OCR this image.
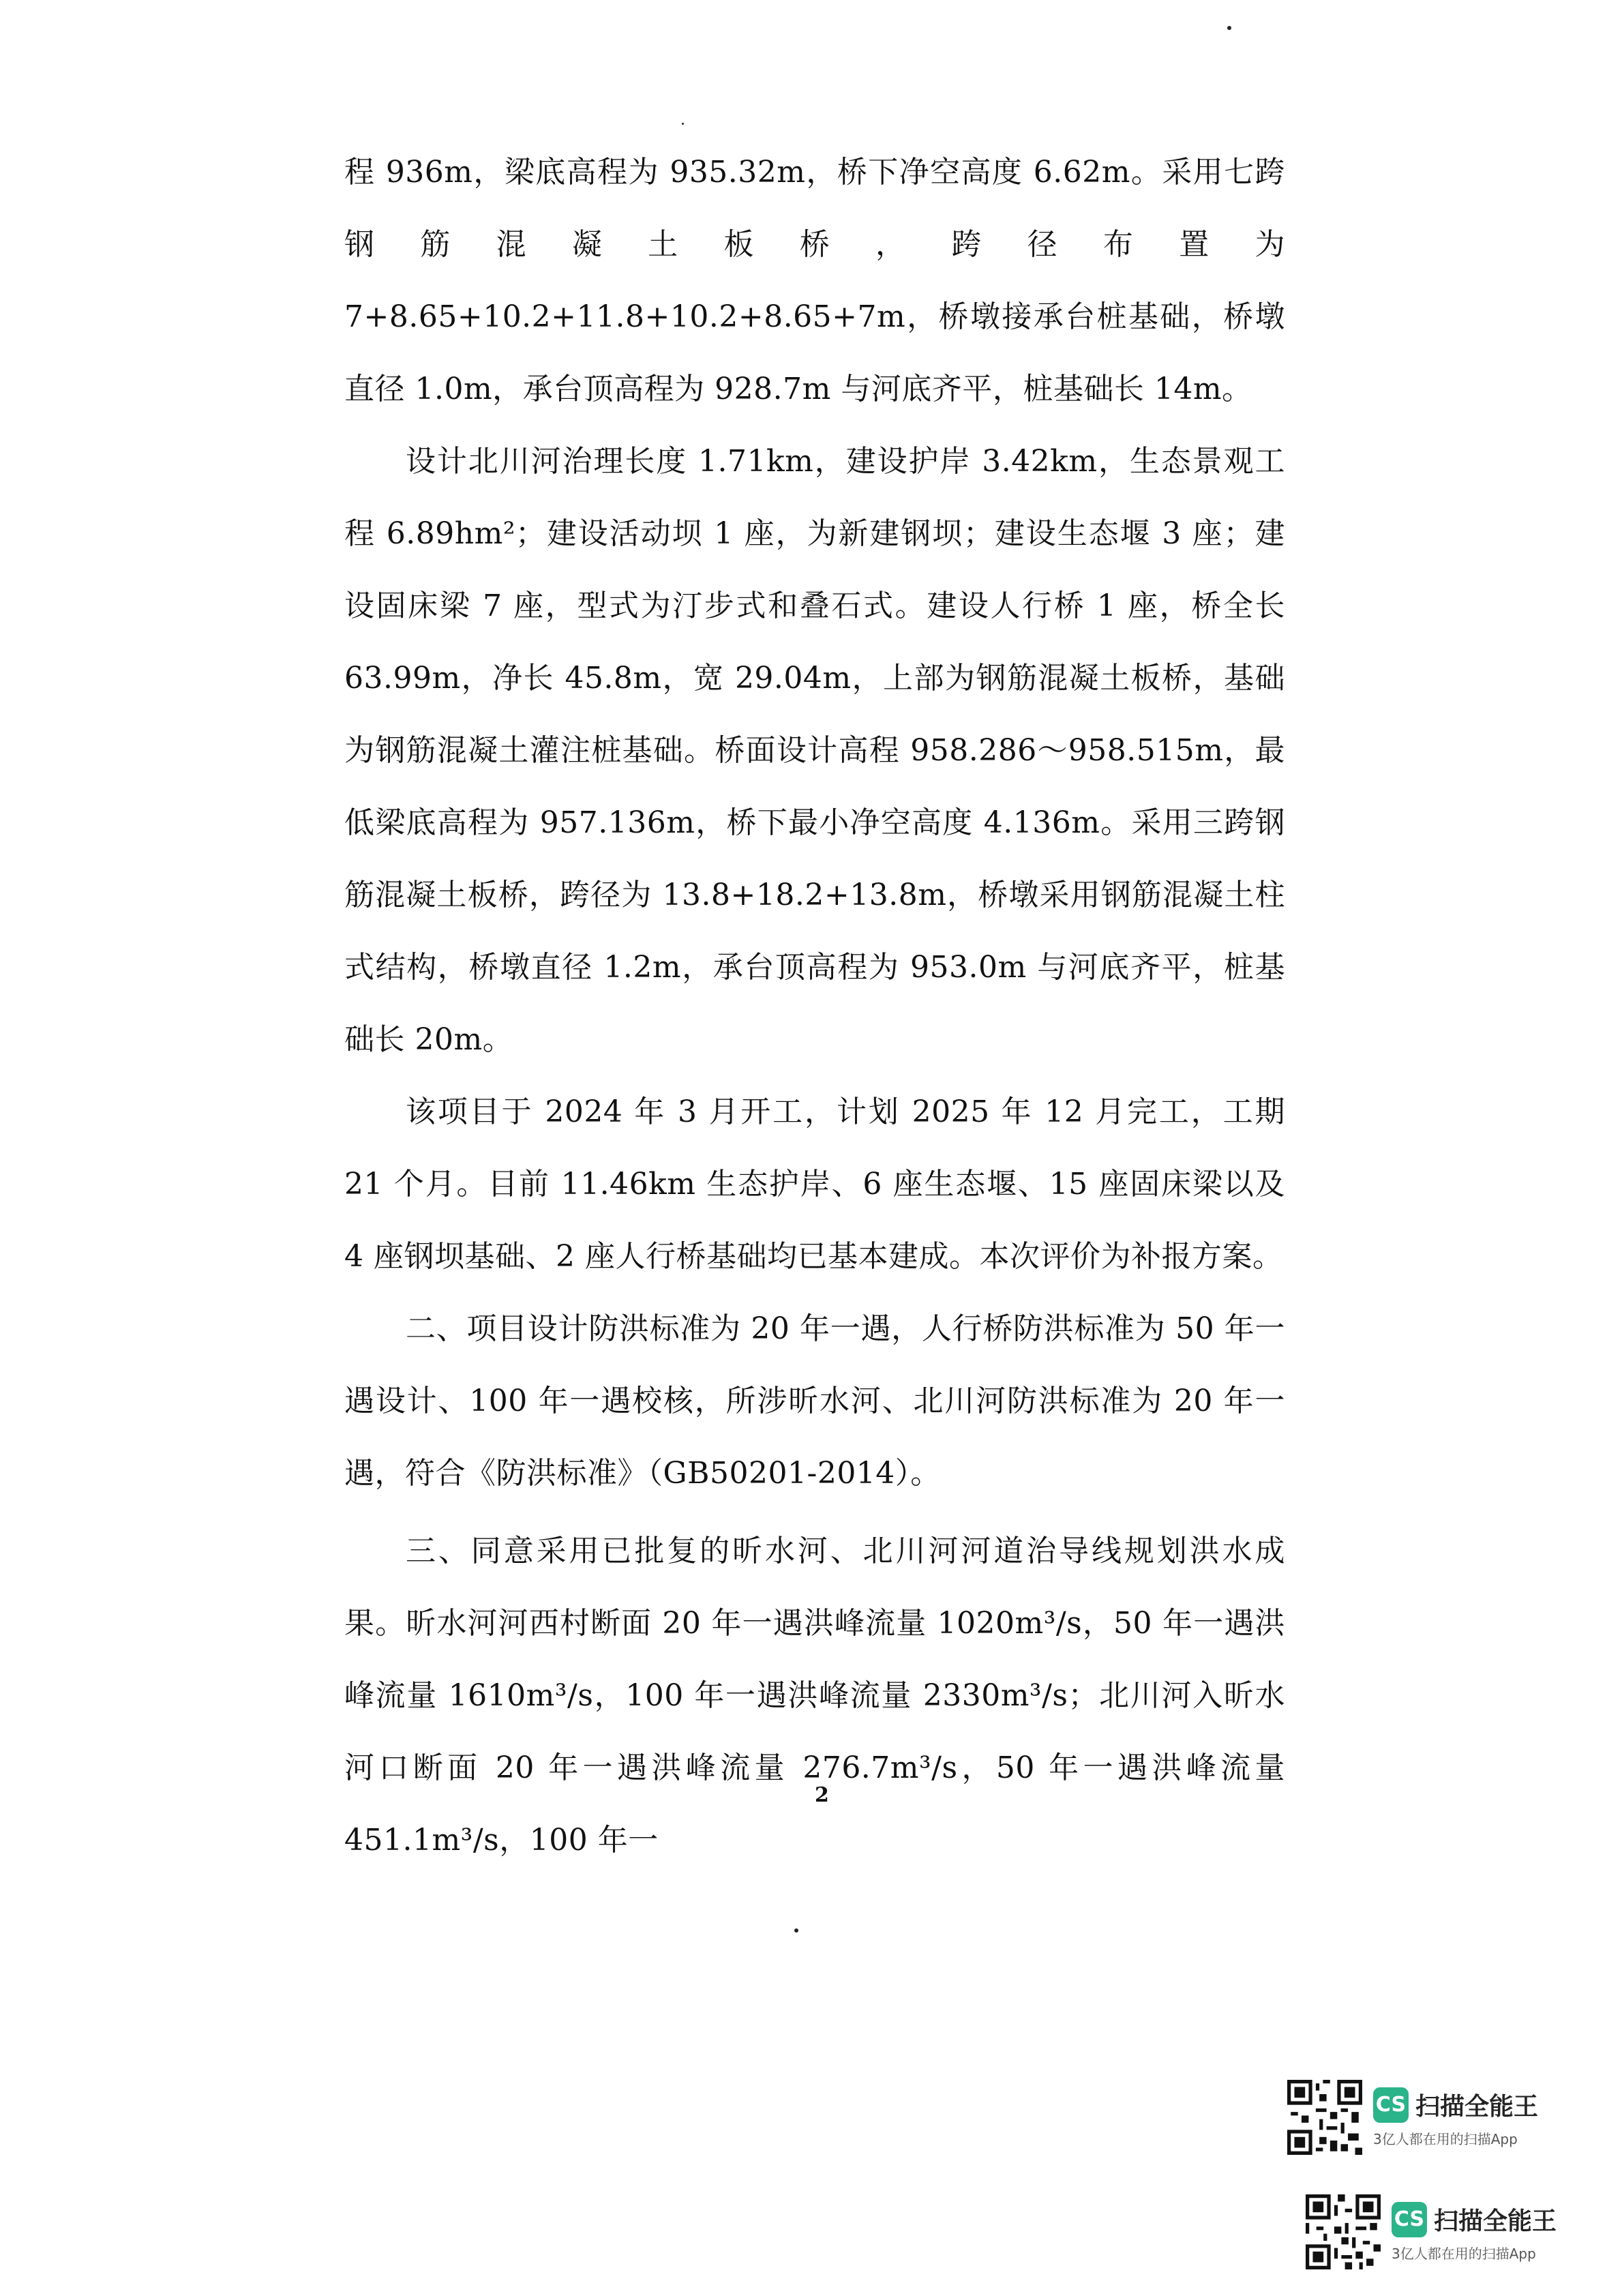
程 936m，梁底高程为 935.32m，桥下净空高度 6.62m。采用七跨钢筋混凝土板桥，跨径布置为 7+8.65+10.2+11.8+10.2+8.65+7m，桥墩接承台桩基础，桥墩直径 1.0m，承台顶高程为 928.7m 与河底齐平，桩基础长 14m。

设计北川河治理长度 1.71km，建设护岸 3.42km，生态景观工程 6.89hm²；建设活动坝 1 座，为新建钢坝；建设生态堰 3 座；建设固床梁 7 座，型式为汀步式和叠石式。建设人行桥 1 座，桥全长 63.99m，净长 45.8m，宽 29.04m，上部为钢筋混凝土板桥，基础为钢筋混凝土灌注桩基础。桥面设计高程 958.286～958.515m，最低梁底高程为 957.136m，桥下最小净空高度 4.136m。采用三跨钢筋混凝土板桥，跨径为 13.8+18.2+13.8m，桥墩采用钢筋混凝土柱式结构，桥墩直径 1.2m，承台顶高程为 953.0m 与河底齐平，桩基础长 20m。

该项目于 2024 年 3 月开工，计划 2025 年 12 月完工，工期 21 个月。目前 11.46km 生态护岸、6 座生态堰、15 座固床梁以及 4 座钢坝基础、2 座人行桥基础均已基本建成。本次评价为补报方案。

二、项目设计防洪标准为 20 年一遇，人行桥防洪标准为 50 年一遇设计、100 年一遇校核，所涉昕水河、北川河防洪标准为 20 年一遇，符合《防洪标准》（GB50201-2014）。

三、同意采用已批复的昕水河、北川河河道治导线规划洪水成果。昕水河河西村断面 20 年一遇洪峰流量 1020m³/s，50 年一遇洪峰流量 1610m³/s，100 年一遇洪峰流量 2330m³/s；北川河入昕水河口断面 20 年一遇洪峰流量 276.7m³/s，50 年一遇洪峰流量 451.1m³/s，100 年一

2
CS 扫描全能王
3亿人都在用的扫描App
CS 扫描全能王
3亿人都在用的扫描App
